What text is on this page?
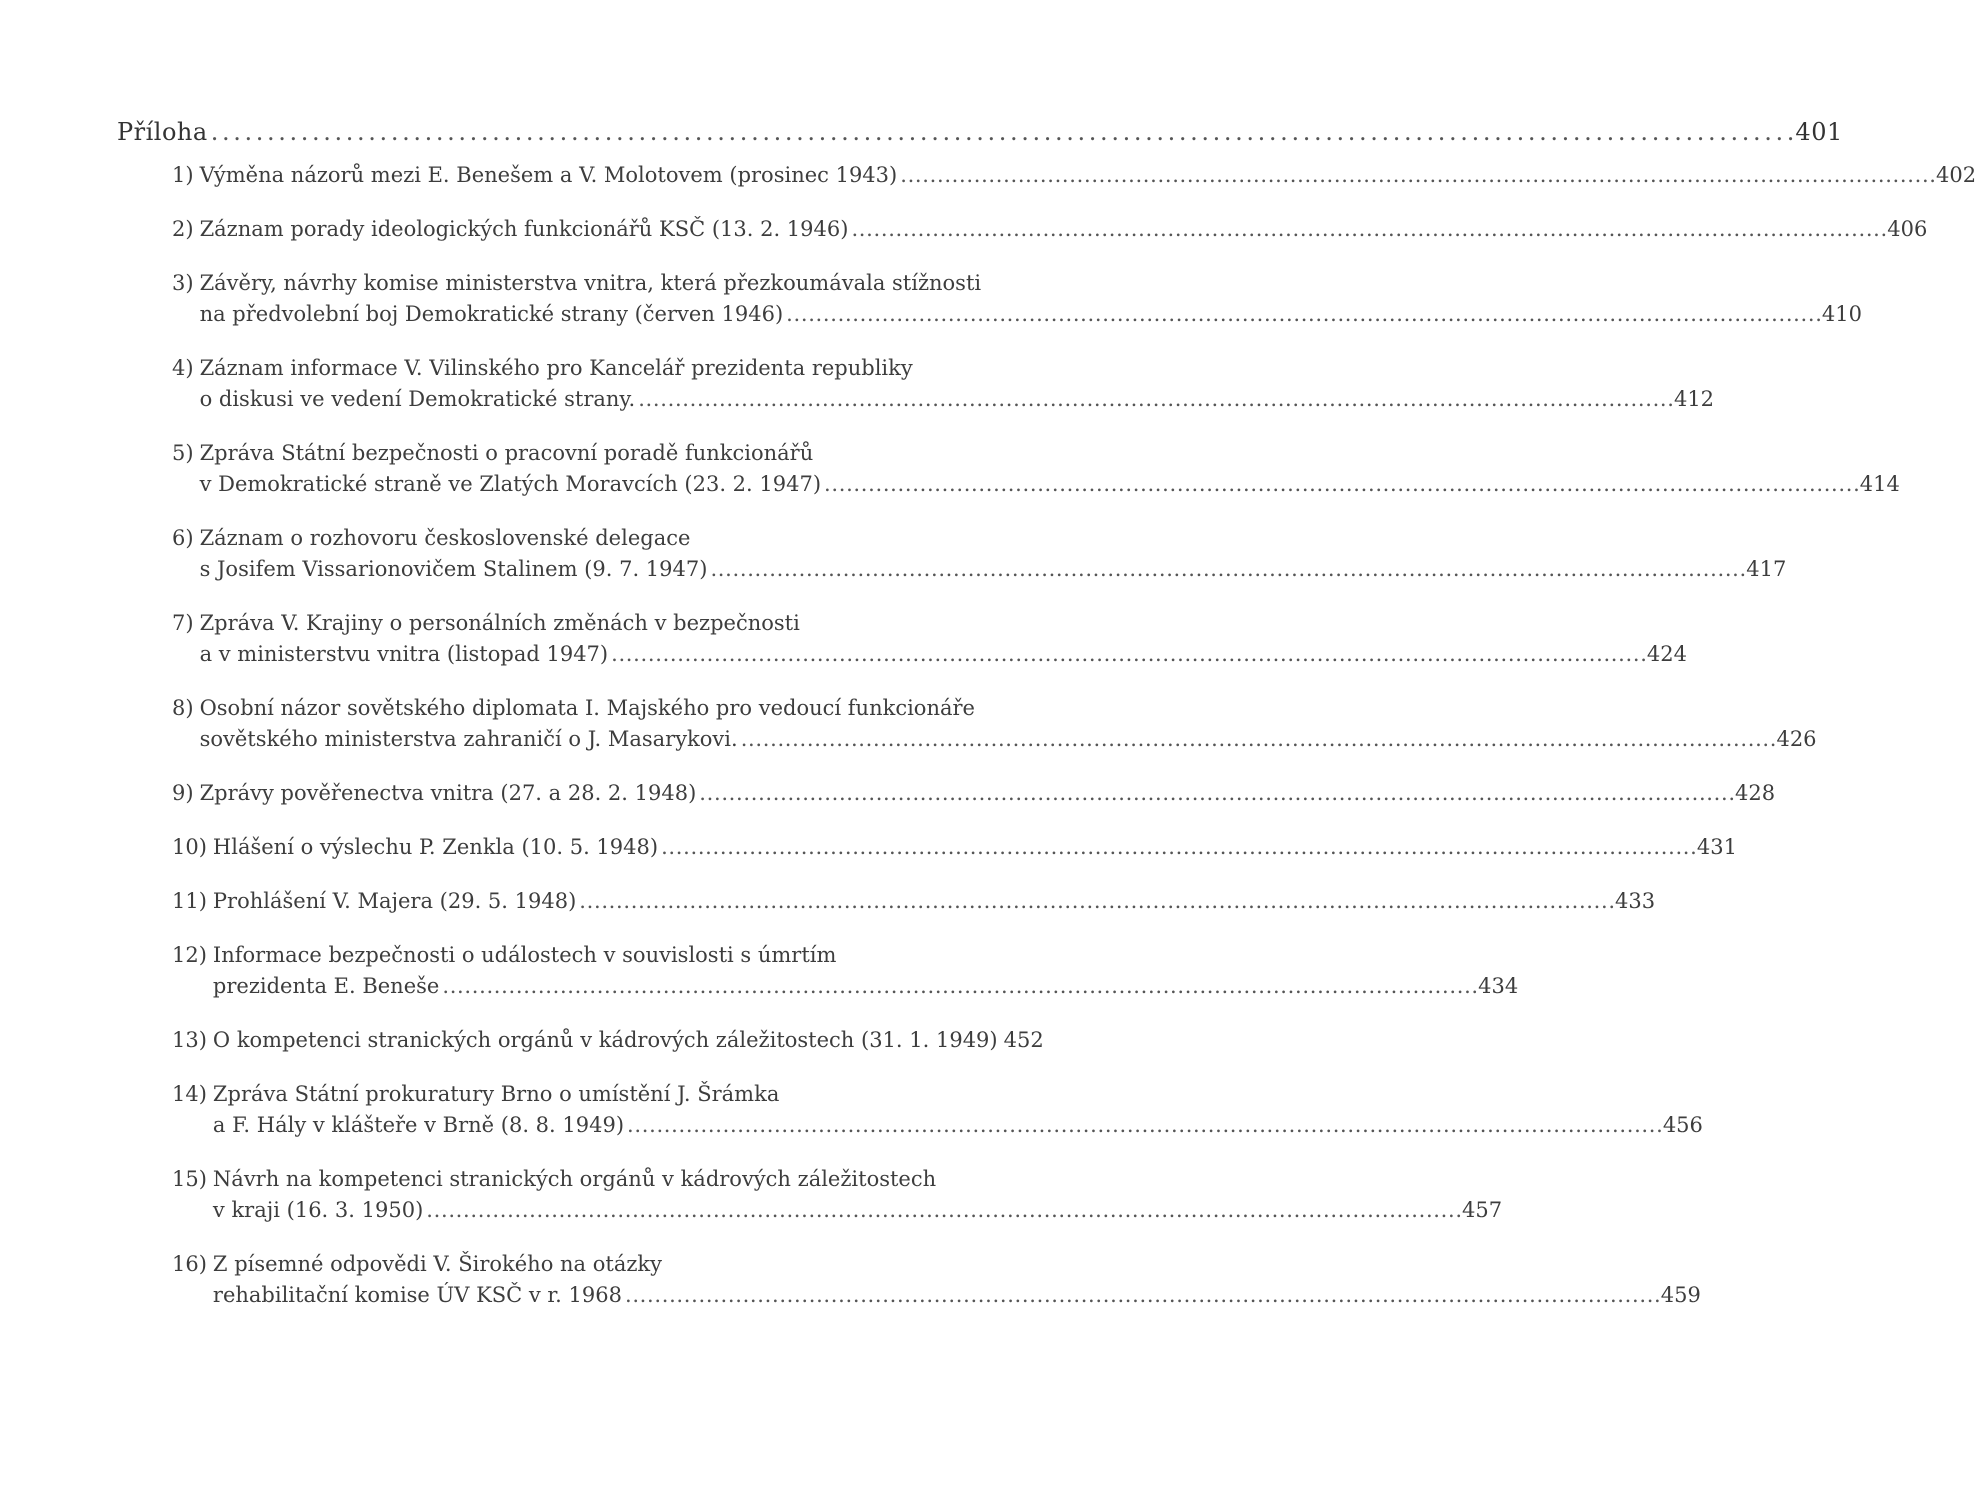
Příloha . . .	401
1) Výměna názorů mezi E. Benešem a V. Molotovem (prosinec 1943) . . .	402
2) Záznam porady ideologických funkcionářů KSČ (13. 2. 1946) . . .	406
3) Závěry, návrhy komise ministerstva vnitra, která přezkoumávala stížnosti
na předvolební boj Demokratické strany (červen 1946) . . .	410
4) Záznam informace V. Vilinského pro Kancelář prezidenta republiky
o diskusi ve vedení Demokratické strany. . . .	412
5) Zpráva Státní bezpečnosti o pracovní poradě funkcionářů
v Demokratické straně ve Zlatých Moravcích (23. 2. 1947) . . .	414
6) Záznam o rozhovoru československé delegace
s Josifem Vissarionovičem Stalinem (9. 7. 1947) . . .	417
7) Zpráva V. Krajiny o personálních změnách v bezpečnosti
a v ministerstvu vnitra (listopad 1947) . . .	424
8) Osobní názor sovětského diplomata I. Majského pro vedoucí funkcionáře
sovětského ministerstva zahraničí o J. Masarykovi. . . .	426
9) Zprávy pověřenectva vnitra (27. a 28. 2. 1948) . . .	428
10) Hlášení o výslechu P. Zenkla (10. 5. 1948) . . .	431
11) Prohlášení V. Majera (29. 5. 1948) . . .	433
12) Informace bezpečnosti o událostech v souvislosti s úmrtím
prezidenta E. Beneše . . .	434
13) O kompetenci stranických orgánů v kádrových záležitostech (31. 1. 1949) 452
14) Zpráva Státní prokuratury Brno o umístění J. Šrámka
a F. Hály v klášteře v Brně (8. 8. 1949) . . .	456
15) Návrh na kompetenci stranických orgánů v kádrových záležitostech
v kraji (16. 3. 1950) . . .	457
16) Z písemné odpovědi V. Širokého na otázky
rehabilitační komise ÚV KSČ v r. 1968 . . .	459
